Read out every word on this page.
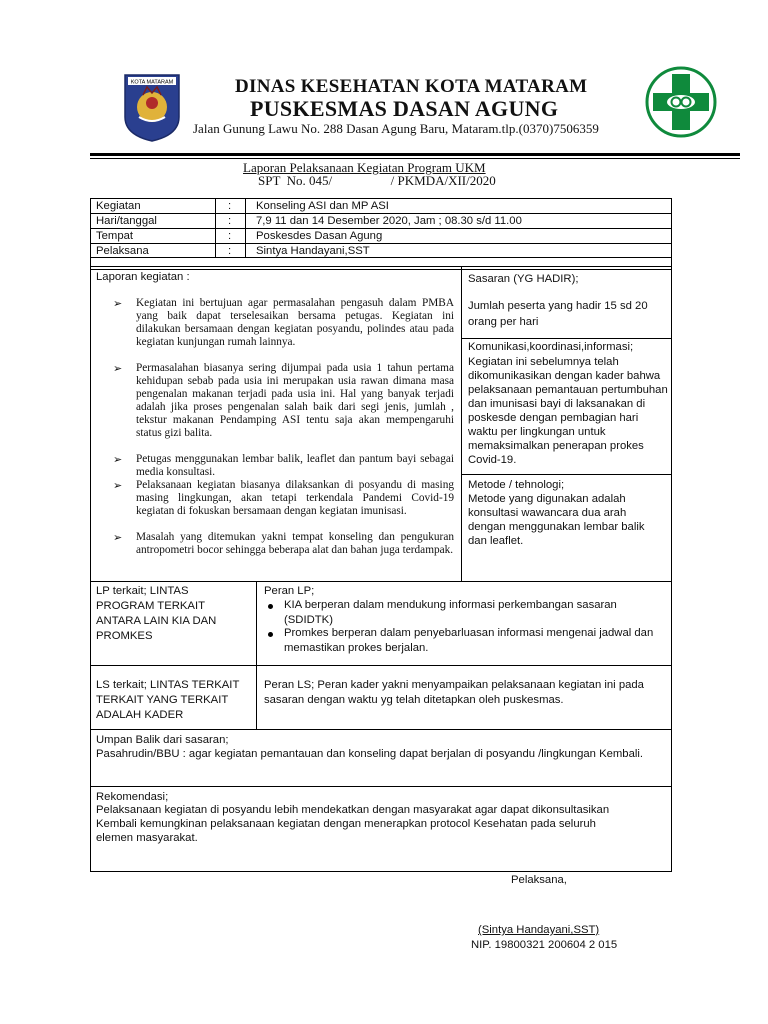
KOTA MATARAM	DINAS KESEHATAN KOTA MATARAM
PUSKESMAS DASAN AGUNG
Jalan Gunung Lawu No. 288 Dasan Agung Baru, Mataram.tlp.(0370)7506359
Laporan Pelaksanaan Kegiatan Program UKM
SPT  No. 045/                  / PKMDA/XII/2020
Kegiatan	: Konseling ASI dan MP ASI
Hari/tanggal	: 7,9 11 dan 14 Desember 2020, Jam ; 08.30 s/d 11.00
Tempat	: Poskesdes Dasan Agung
Pelaksana	: Sintya Handayani,SST
Laporan kegiatan :
➢ Kegiatan ini bertujuan agar permasalahan pengasuh dalam PMBA yang baik dapat terselesaikan bersama petugas. Kegiatan ini dilakukan bersamaan dengan kegiatan posyandu, polindes atau pada kegiatan kunjungan rumah lainnya.
➢ Permasalahan biasanya sering dijumpai pada usia 1 tahun pertama kehidupan sebab pada usia ini merupakan usia rawan dimana masa pengenalan makanan terjadi pada usia ini. Hal yang banyak terjadi adalah jika proses pengenalan salah baik dari segi jenis, jumlah , tekstur makanan Pendamping ASI tentu saja akan mempengaruhi status gizi balita.
➢ Petugas menggunakan lembar balik, leaflet dan pantum bayi sebagai media konsultasi.
➢ Pelaksanaan kegiatan biasanya dilaksankan di posyandu di masing masing lingkungan, akan tetapi terkendala Pandemi Covid-19 kegiatan di fokuskan bersamaan dengan kegiatan imunisasi.
➢ Masalah yang ditemukan yakni tempat konseling dan pengukuran antropometri bocor sehingga beberapa alat dan bahan juga terdampak.
Sasaran (YG HADIR);
Jumlah peserta yang hadir 15 sd 20 orang per hari
Komunikasi,koordinasi,informasi;
Kegiatan ini sebelumnya telah dikomunikasikan dengan kader bahwa pelaksanaan pemantauan pertumbuhan dan imunisasi bayi di laksanakan di poskesde dengan pembagian hari waktu per lingkungan untuk memaksimalkan penerapan prokes Covid-19.
Metode / tehnologi;
Metode yang digunakan adalah konsultasi wawancara dua arah dengan menggunakan lembar balik dan leaflet.
LP terkait; LINTAS PROGRAM TERKAIT ANTARA LAIN KIA DAN PROMKES
Peran LP;
KIA berperan dalam mendukung informasi perkembangan sasaran (SDIDTK)
Promkes berperan dalam penyebarluasan informasi mengenai jadwal dan memastikan prokes berjalan.
LS terkait; LINTAS TERKAIT TERKAIT YANG TERKAIT ADALAH KADER
Peran LS; Peran kader yakni menyampaikan pelaksanaan kegiatan ini pada sasaran dengan waktu yg telah ditetapkan oleh puskesmas.
Umpan Balik dari sasaran;
Pasahrudin/BBU : agar kegiatan pemantauan dan konseling dapat berjalan di posyandu /lingkungan Kembali.
Rekomendasi;
Pelaksanaan kegiatan di posyandu lebih mendekatkan dengan masyarakat agar dapat dikonsultasikan Kembali kemungkinan pelaksanaan kegiatan dengan menerapkan protocol Kesehatan pada seluruh elemen masyarakat.
Pelaksana,
(Sintya Handayani,SST)
NIP. 19800321 200604 2 015
